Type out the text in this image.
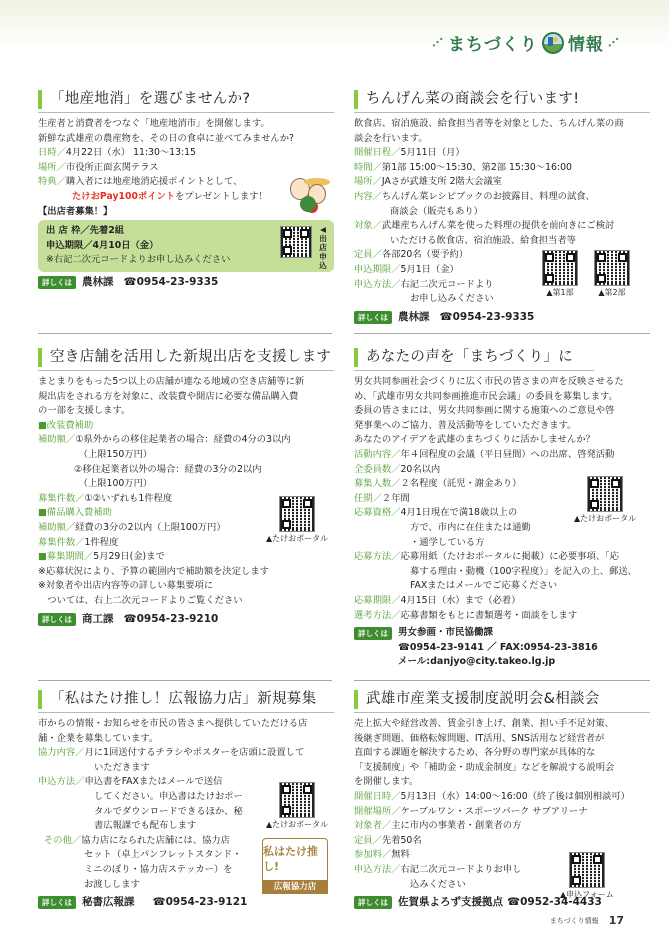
⋰ まちづくり 情報 ⋰
「地産地消」を選びませんか?
生産者と消費者をつなぐ「地産地消市」を開催します。
新鮮な武雄産の農産物を、その日の食卓に並べてみませんか?
日時／ 4月22日（水） 11:30～13:15
場所／ 市役所正面玄関テラス
特典／ 購入者には地産地消応援ポイントとして、
たけおPay100ポイントをプレゼントします！
【出店者募集！】
出 店 枠／先着2組
申込期限／4月10日（金）
※右記二次元コードよりお申し込みください
◀出店申込
詳しくは 農林課 ☎0954-23-9335
ちんげん菜の商談会を行います!
飲食店、宿泊施設、給食担当者等を対象とした、ちんげん菜の商
談会を行います。
開催日程／ 5月11日（月）
時間／ 第1部 15:00～15:30、第2部 15:30～16:00
場所／ JAさが武雄支所 2階大会議室
内容／ ちんげん菜レシピブックのお披露目、料理の試食、
商談会（販売もあり）
対象／ 武雄産ちんげん菜を使った料理の提供を前向きにご検討
いただける飲食店、宿泊施設、給食担当者等
定員／ 各部20名（要予約）
申込期限／ 5月1日（金）
申込方法／ 右記二次元コードより
お申し込みください
詳しくは 農林課 ☎0954-23-9335
▲第1部	▲第2部
空き店舗を活用した新規出店を支援します
まとまりをもった5つ以上の店舗が連なる地域の空き店舗等に新
規出店をされる方を対象に、改装費や開店に必要な備品購入費
の一部を支援します。
■改装費補助
補助額／ ①県外からの移住起業者の場合：経費の4分の3以内
　（上限150万円）
②移住起業者以外の場合：経費の3分の2以内
　（上限100万円）
募集件数／ ①②いずれも1件程度
■備品購入費補助
補助額／ 経費の3分の2以内（上限100万円）
募集件数／ 1件程度
■募集期間／ 5月29日(金)まで
※応募状況により、予算の範囲内で補助額を決定します
※対象者や出店内容等の詳しい募集要項に
　ついては、右上二次元コードよりご覧ください
詳しくは 商工課 ☎0954-23-9210
▲たけおポータル
あなたの声を「まちづくり」に
男女共同参画社会づくりに広く市民の皆さまの声を反映させるた
め、「武雄市男女共同参画推進市民会議」の委員を募集します。
委員の皆さまには、男女共同参画に関する施策へのご意見や啓
発事業へのご協力、普及活動等をしていただきます。
あなたのアイデアを武雄のまちづくりに活かしませんか？
活動内容／ 年４回程度の会議（平日昼間）への出席、啓発活動
全委員数／ 20名以内
募集人数／ ２名程度（託児・謝金あり）
任期／ ２年間
応募資格／ 4月1日現在で満18歳以上の
方で、市内に在住または通勤
・通学している方
応募方法／ 応募用紙（たけおポータルに掲載）に必要事項、「応
募する理由・動機（100字程度）」を記入の上、郵送、
FAXまたはメールでご応募ください
応募期限／ 4月15日（水）まで（必着）
選考方法／ 応募書類をもとに書類選考・面談をします
詳しくは	男女参画・市民協働課
☎0954-23-9141 ／ FAX:0954-23-3816
メール:danjyo@city.takeo.lg.jp
▲たけおポータル
「私はたけ推し！広報協力店」新規募集
市からの情報・お知らせを市民の皆さまへ提供していただける店
舗・企業を募集しています。
協力内容／ 月に1回送付するチラシやポスターを店頭に設置して
いただきます
申込方法／ 申込書をFAXまたはメールで送信
してください。申込書はたけおポー
タルでダウンロードできるほか、秘
書広報課でも配布します
その他／ 協力店になられた店舗には、協力店
セット（卓上パンフレットスタンド・
ミニのぼり・協力店ステッカー）を
お渡しします
詳しくは 秘書広報課 ☎0954-23-9121
▲たけおポータル
私はたけ推し!
広報協力店
武雄市産業支援制度説明会&相談会
売上拡大や経営改善、賃金引き上げ、創業、担い手不足対策、
後継ぎ問題、価格転嫁問題、IT活用、SNS活用など経営者が
直面する課題を解決するため、各分野の専門家が具体的な
「支援制度」や「補助金・助成金制度」などを解説する説明会
を開催します。
開催日時／ 5月13日（水）14:00～16:00（終了後は個別相談可）
開催場所／ ケーブルワン・スポーツパーク サブアリーナ
対象者／ 主に市内の事業者・創業者の方
定員／ 先着50名
参加料／ 無料
申込方法／ 右記二次元コードよりお申し
込みください
詳しくは 佐賀県よろず支援拠点 ☎0952-34-4433
▲申込フォーム
まちづくり情報 17
